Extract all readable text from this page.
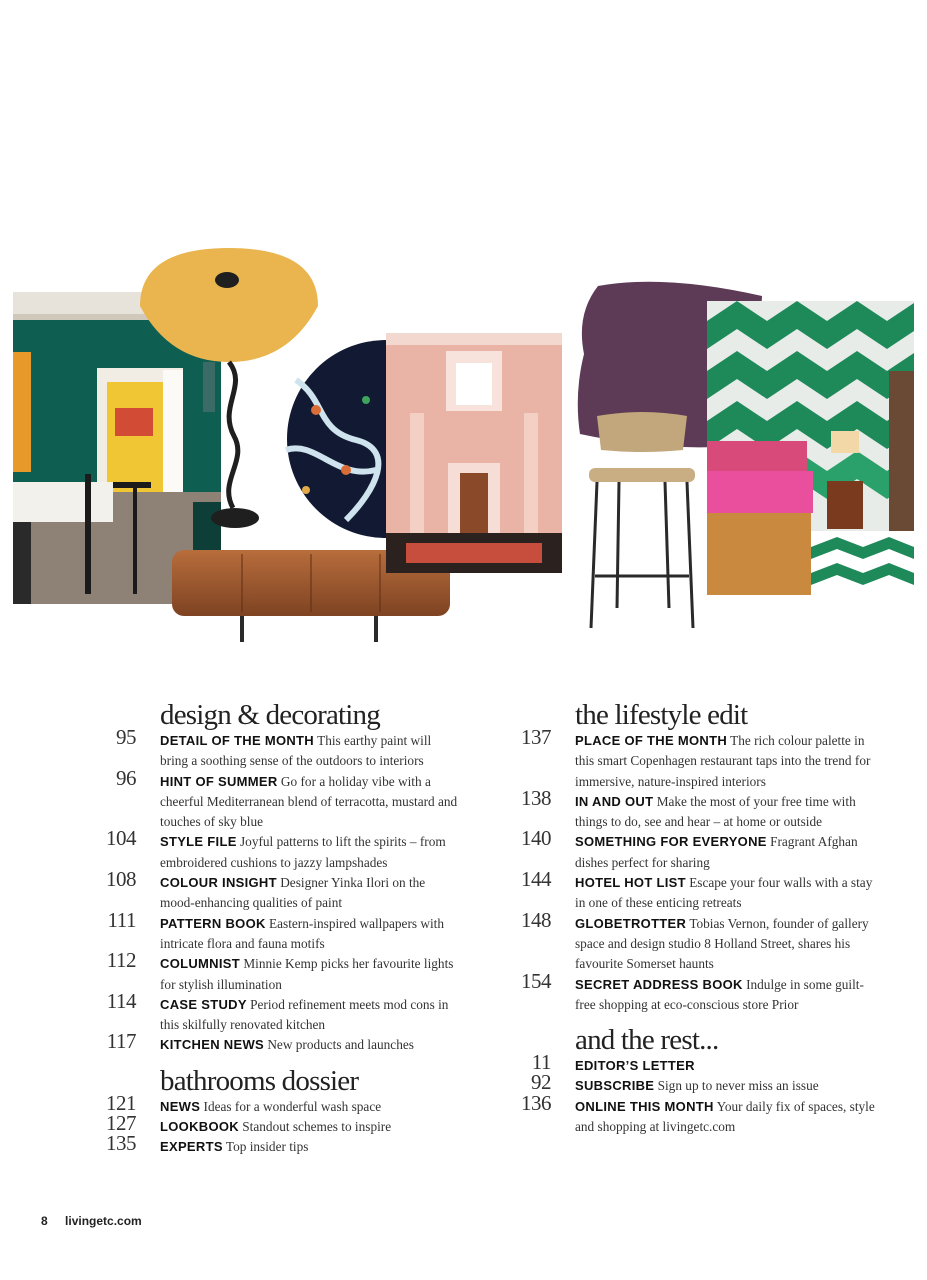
design & decorating
95 DETAIL OF THE MONTH This earthy paint will bring a soothing sense of the outdoors to interiors
96 HINT OF SUMMER Go for a holiday vibe with a cheerful Mediterranean blend of terracotta, mustard and touches of sky blue
104 STYLE FILE Joyful patterns to lift the spirits – from embroidered cushions to jazzy lampshades
108 COLOUR INSIGHT Designer Yinka Ilori on the mood-enhancing qualities of paint
111 PATTERN BOOK Eastern-inspired wallpapers with intricate flora and fauna motifs
112 COLUMNIST Minnie Kemp picks her favourite lights for stylish illumination
114 CASE STUDY Period refinement meets mod cons in this skilfully renovated kitchen
117 KITCHEN NEWS New products and launches
bathrooms dossier
121 NEWS Ideas for a wonderful wash space
127 LOOKBOOK Standout schemes to inspire
135 EXPERTS Top insider tips
the lifestyle edit
137 PLACE OF THE MONTH The rich colour palette in this smart Copenhagen restaurant taps into the trend for immersive, nature-inspired interiors
138 IN AND OUT Make the most of your free time with things to do, see and hear – at home or outside
140 SOMETHING FOR EVERYONE Fragrant Afghan dishes perfect for sharing
144 HOTEL HOT LIST Escape your four walls with a stay in one of these enticing retreats
148 GLOBETROTTER Tobias Vernon, founder of gallery space and design studio 8 Holland Street, shares his favourite Somerset haunts
154 SECRET ADDRESS BOOK Indulge in some guilt-free shopping at eco-conscious store Prior
and the rest...
11 EDITOR’S LETTER
92 SUBSCRIBE Sign up to never miss an issue
136 ONLINE THIS MONTH Your daily fix of spaces, style and shopping at livingetc.com
8 livingetc.com
